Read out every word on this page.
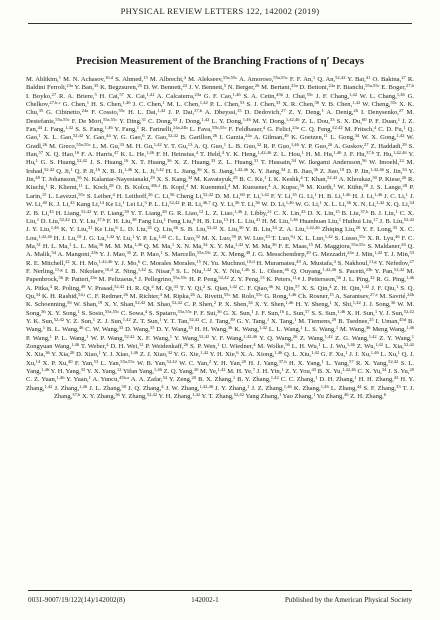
PHYSICAL REVIEW LETTERS 122, 142002 (2019)
Precision Measurement of the Branching Fractions of η′ Decays
M. Ablikim,$^1$ M. N. Achasov,$^{10,d}$ S. Ahmed,$^{15}$ M. Albrecht,$^4$ M. Alekseev,$^{55a,55c}$ A. Amoroso,$^{55a,55c}$ F. F. An,$^1$ Q. An,$^{52,42}$ Y. Bai,$^{41}$ O. Bakina,$^{27}$ R. Baldini Ferroli,$^{23a}$ Y. Ban,$^{35}$ K. Begzsuren,$^{25}$ D. W. Bennett,$^{22}$ J. V. Bennett,$^5$ N. Berger,$^{26}$ M. Bertani,$^{23a}$ D. Bettoni,$^{24a}$ F. Bianchi,$^{55a,55c}$ E. Boger,$^{27,b}$ I. Boyko,$^{27}$ R. A. Briere,$^5$ H. Cai,$^{57}$ X. Cai,$^{1,42}$ A. Calcaterra,$^{23a}$ G. F. Cao,$^{1,46}$ S. A. Cetin,$^{45b}$ J. Chai,$^{55c}$ J. F. Chang,$^{1,42}$ W. L. Chang,$^{1,46}$ G. Chelkov,$^{27,b,c}$ G. Chen,$^1$ H. S. Chen,$^{1,46}$ J. C. Chen,$^1$ M. L. Chen,$^{1,42}$ P. L. Chen,$^{53}$ S. J. Chen,$^{33}$ X. R. Chen,$^{30}$ Y. B. Chen,$^{1,42}$ W. Cheng,$^{55c}$ X. K. Chu,$^{35}$ G. Cibinetto,$^{24a}$ F. Cossio,$^{55c}$ H. L. Dai,$^{1,42}$ J. P. Dai,$^{37,h}$ A. Dbeyssi,$^{15}$ D. Dedovich,$^{27}$ Z. Y. Deng,$^1$ A. Denig,$^{26}$ I. Denysenko,$^{27}$ M. Destefanis,$^{55a,55c}$ F. De Mori,$^{55a,55c}$ Y. Ding,$^{31}$ C. Dong,$^{34}$ J. Dong,$^{1,42}$ L. Y. Dong,$^{1,46}$ M. Y. Dong,$^{1,42,46}$ Z. L. Dou,$^{33}$ S. X. Du,$^{60}$ P. F. Duan,$^1$ J. Z. Fan,$^{44}$ J. Fang,$^{1,42}$ S. S. Fang,$^{1,46}$ Y. Fang,$^1$ R. Farinelli,$^{24a,24b}$ L. Fava,$^{55b,55c}$ F. Feldbauer,$^4$ G. Felici,$^{23a}$ C. Q. Feng,$^{52,42}$ M. Fritsch,$^4$ C. D. Fu,$^1$ Q. Gao,$^1$ X. L. Gao,$^{52,42}$ Y. Gao,$^{44}$ Y. G. Gao,$^6$ Z. Gao,$^{52,42}$ B. Garillon,$^{26}$ I. Garzia,$^{24a}$ A. Gilman,$^{49}$ K. Goetzen,$^{11}$ L. Gong,$^{34}$ W. X. Gong,$^{1,42}$ W. Gradl,$^{26}$ M. Greco,$^{55a,55c}$ L. M. Gu,$^{33}$ M. H. Gu,$^{1,42}$ Y. T. Gu,$^{13}$ A. Q. Guo,$^1$ L. B. Guo,$^{32}$ R. P. Guo,$^{1,46}$ Y. P. Guo,$^{26}$ A. Guskov,$^{27}$ Z. Haddadi,$^{29}$ S. Han,$^{57}$ X. Q. Hao,$^{16}$ F. A. Harris,$^{47}$ K. L. He,$^{1,46}$ F. H. Heinsius,$^4$ T. Held,$^4$ Y. K. Heng,$^{1,42,46}$ Z. L. Hou,$^1$ H. M. Hu,$^{1,46}$ J. F. Hu,$^{37,h}$ T. Hu,$^{1,42,46}$ Y. Hu,$^1$ G. S. Huang,$^{52,42}$ J. S. Huang,$^{16}$ X. T. Huang,$^{36}$ X. Z. Huang,$^{33}$ Z. L. Huang,$^{31}$ T. Hussain,$^{54}$ W. Ikegami Andersson,$^{56}$ W. Imoehl,$^{22}$ M. Irshad,$^{52,42}$ Q. Ji,$^1$ Q. P. Ji,$^{16}$ X. B. Ji,$^{1,46}$ X. L. Ji,$^{1,42}$ H. L. Jiang,$^{36}$ X. S. Jiang,$^{1,42,46}$ X. Y. Jiang,$^{34}$ J. B. Jiao,$^{36}$ Z. Jiao,$^{18}$ D. P. Jin,$^{1,42,46}$ S. Jin,$^{33}$ Y. Jin,$^{48}$ T. Johansson,$^{56}$ N. Kalantar-Nayestanaki,$^{29}$ X. S. Kang,$^{34}$ M. Kavatsyuk,$^{29}$ B. C. Ke,$^1$ I. K. Keshk,$^4$ T. Khan,$^{52,42}$ A. Khoukaz,$^{50}$ P. Kiese,$^{26}$ R. Kiuchi,$^1$ R. Kliemt,$^{11}$ L. Koch,$^{28}$ O. B. Kolcu,$^{45b,f}$ B. Kopf,$^4$ M. Kuemmel,$^4$ M. Kuessner,$^4$ A. Kupsc,$^{56}$ M. Kurth,$^1$ W. Kühn,$^{28}$ J. S. Lange,$^{28}$ P. Larin,$^{15}$ L. Lavezzi,$^{55c}$ S. Leiber,$^4$ H. Leithoff,$^{26}$ C. Li,$^{56}$ Cheng Li,$^{52,42}$ D. M. Li,$^{60}$ F. Li,$^{1,42}$ F. Y. Li,$^{35}$ G. Li,$^1$ H. B. Li,$^{1,46}$ H. J. Li,$^{1,46}$ J. C. Li,$^1$ J. W. Li,$^{40}$ K. J. Li,$^{43}$ Kang Li,$^{14}$ Ke Li,$^1$ Lei Li,$^3$ P. L. Li,$^{52,42}$ P. R. Li,$^{46,7}$ Q. Y. Li,$^{36}$ T. Li,$^{36}$ W. D. Li,$^{1,46}$ W. G. Li,$^1$ X. L. Li,$^{36}$ X. N. Li,$^{1,42}$ X. Q. Li,$^{34}$ Z. B. Li,$^{43}$ H. Liang,$^{52,42}$ Y. F. Liang,$^{39}$ Y. T. Liang,$^{28}$ G. R. Liao,$^{12}$ L. Z. Liao,$^{1,46}$ J. Libby,$^{21}$ C. X. Lin,$^{43}$ D. X. Lin,$^{15}$ B. Liu,$^{37,h}$ B. J. Liu,$^1$ C. X. Liu,$^1$ D. Liu,$^{52,42}$ D. Y. Liu,$^{37,h}$ F. H. Liu,$^{38}$ Fang Liu,$^1$ Feng Liu,$^6$ H. B. Liu,$^{13}$ H. L. Liu,$^{41}$ H. M. Liu,$^{1,46}$ Huanhuan Liu,$^1$ Huihui Liu,$^{17}$ J. B. Liu,$^{52,42}$ J. Y. Liu,$^{1,46}$ K. Y. Liu,$^{31}$ Ke Liu,$^6$ L. D. Liu,$^{35}$ Q. Liu,$^{46}$ S. B. Liu,$^{52,42}$ X. Liu,$^{30}$ Y. B. Liu,$^{34}$ Z. A. Liu,$^{1,42,46}$ Zhiqing Liu,$^{26}$ Y. F. Long,$^{35}$ X. C. Lou,$^{1,42,46}$ H. J. Lu,$^{18}$ J. G. Lu,$^{1,42}$ Y. Lu,$^1$ Y. P. Lu,$^{1,42}$ C. L. Luo,$^{32}$ M. X. Luo,$^{59}$ P. W. Luo,$^{43}$ T. Luo,$^{9,j}$ X. L. Luo,$^{1,42}$ S. Lusso,$^{55c}$ X. R. Lyu,$^{46}$ F. C. Ma,$^{31}$ H. L. Ma,$^1$ L. L. Ma,$^{36}$ M. M. Ma,$^{1,46}$ Q. M. Ma,$^1$ X. N. Ma,$^{34}$ X. Y. Ma,$^{1,42}$ Y. M. Ma,$^{36}$ F. E. Maas,$^{15}$ M. Maggiora,$^{55a,55c}$ S. Maldaner,$^{26}$ Q. A. Malik,$^{54}$ A. Mangoni,$^{23b}$ Y. J. Mao,$^{35}$ Z. P. Mao,$^1$ S. Marcello,$^{55a,55c}$ Z. X. Meng,$^{48}$ J. G. Messchendorp,$^{29}$ G. Mezzadri,$^{24a}$ J. Min,$^{1,42}$ T. J. Min,$^{33}$ R. E. Mitchell,$^{22}$ X. H. Mo,$^{1,42,46}$ Y. J. Mo,$^6$ C. Morales Morales,$^{15}$ N. Yu. Muchnoi,$^{10,d}$ H. Muramatsu,$^{49}$ A. Mustafa,$^4$ S. Nakhoul,$^{11,g}$ Y. Nefedov,$^{27}$ F. Nerling,$^{11,g}$ I. B. Nikolaev,$^{10,d}$ Z. Ning,$^{1,42}$ S. Nisar,$^8$ S. L. Niu,$^{1,42}$ X. Y. Niu,$^{1,46}$ S. L. Olsen,$^{46}$ Q. Ouyang,$^{1,42,46}$ S. Pacetti,$^{23b}$ Y. Pan,$^{52,42}$ M. Papenbrock,$^{56}$ P. Patteri,$^{23a}$ M. Pelizaeus,$^4$ J. Pellegrino,$^{55a,55c}$ H. P. Peng,$^{52,42}$ Z. Y. Peng,$^{13}$ K. Peters,$^{11,g}$ J. Pettersson,$^{56}$ J. L. Ping,$^{32}$ R. G. Ping,$^{1,46}$ A. Pitka,$^4$ R. Poling,$^{49}$ V. Prasad,$^{52,42}$ H. R. Qi,$^2$ M. Qi,$^{33}$ T. Y. Qi,$^2$ S. Qian,$^{1,42}$ C. F. Qiao,$^{46}$ N. Qin,$^{57}$ X. S. Qin,$^4$ Z. H. Qin,$^{1,42}$ J. F. Qiu,$^1$ S. Q. Qu,$^{34}$ K. H. Rashid,$^{54,i}$ C. F. Redmer,$^{26}$ M. Richter,$^4$ M. Ripka,$^{26}$ A. Rivetti,$^{55c}$ M. Rolo,$^{55c}$ G. Rong,$^{1,46}$ Ch. Rosner,$^{15}$ A. Sarantsev,$^{27,e}$ M. Savrié,$^{24b}$ K. Schoenning,$^{56}$ W. Shan,$^{19}$ X. Y. Shan,$^{52,42}$ M. Shao,$^{52,42}$ C. P. Shen,$^2$ P. X. Shen,$^{34}$ X. Y. Shen,$^{1,46}$ H. Y. Sheng,$^1$ X. Shi,$^{1,42}$ J. J. Song,$^{36}$ W. M. Song,$^{36}$ X. Y. Song,$^1$ S. Sosio,$^{55a,55c}$ C. Sowa,$^4$ S. Spataro,$^{55a,55c}$ F. F. Sui,$^{36}$ G. X. Sun,$^1$ J. F. Sun,$^{16}$ L. Sun,$^{57}$ S. S. Sun,$^{1,46}$ X. H. Sun,$^1$ Y. J. Sun,$^{52,42}$ Y. K. Sun,$^{52,42}$ Y. Z. Sun,$^1$ Z. J. Sun,$^{1,42}$ Z. T. Sun,$^1$ Y. T. Tan,$^{52,42}$ C. J. Tang,$^{39}$ G. Y. Tang,$^1$ X. Tang,$^1$ M. Tiemens,$^{29}$ B. Tsednee,$^{25}$ I. Uman,$^{45d}$ B. Wang,$^1$ B. L. Wang,$^{46}$ C. W. Wang,$^{33}$ D. Wang,$^{35}$ D. Y. Wang,$^{35}$ H. H. Wang,$^{36}$ K. Wang,$^{1,42}$ L. L. Wang,$^1$ L. S. Wang,$^1$ M. Wang,$^{36}$ Meng Wang,$^{1,46}$ P. Wang,$^1$ P. L. Wang,$^1$ W. P. Wang,$^{52,42}$ X. F. Wang,$^1$ Y. Wang,$^{52,42}$ Y. F. Wang,$^{1,42,46}$ Y. Q. Wang,$^{26}$ Z. Wang,$^{1,42}$ Z. G. Wang,$^{1,42}$ Z. Y. Wang,$^1$ Zongyuan Wang,$^{1,46}$ T. Weber,$^4$ D. H. Wei,$^{12}$ P. Weidenkaff,$^{26}$ S. P. Wen,$^1$ U. Wiedner,$^4$ M. Wolke,$^{56}$ L. H. Wu,$^1$ L. J. Wu,$^{1,46}$ Z. Wu,$^{1,42}$ L. Xia,$^{52,42}$ X. Xia,$^{36}$ Y. Xia,$^{20}$ D. Xiao,$^1$ Y. J. Xiao,$^{1,46}$ Z. J. Xiao,$^{32}$ Y. G. Xie,$^{1,42}$ Y. H. Xie,$^6$ X. A. Xiong,$^{1,46}$ Q. L. Xiu,$^{1,42}$ G. F. Xu,$^1$ J. J. Xu,$^{1,46}$ L. Xu,$^1$ Q. J. Xu,$^{14}$ X. P. Xu,$^{40}$ F. Yan,$^{53}$ L. Yan,$^{55a,55c}$ W. B. Yan,$^{52,42}$ W. C. Yan,$^2$ Y. H. Yan,$^{20}$ H. J. Yang,$^{37,h}$ H. X. Yang,$^1$ L. Yang,$^{57}$ R. X. Yang,$^{52,42}$ S. L. Yang,$^{1,46}$ Y. H. Yang,$^{33}$ Y. X. Yang,$^{12}$ Yifan Yang,$^{1,46}$ Z. Q. Yang,$^{20}$ M. Ye,$^{1,42}$ M. H. Ye,$^7$ J. H. Yin,$^1$ Z. Y. You,$^{43}$ B. X. Yu,$^{1,42,46}$ C. X. Yu,$^{34}$ J. S. Yu,$^{20}$ C. Z. Yuan,$^{1,46}$ Y. Yuan,$^1$ A. Yuncu,$^{45b,a}$ A. A. Zafar,$^{54}$ Y. Zeng,$^{20}$ B. X. Zhang,$^1$ B. Y. Zhang,$^{1,42}$ C. C. Zhang,$^1$ D. H. Zhang,$^1$ H. H. Zhang,$^{43}$ H. Y. Zhang,$^{1,42}$ J. Zhang,$^{1,46}$ J. L. Zhang,$^{58}$ J. Q. Zhang,$^4$ J. W. Zhang,$^{1,42,46}$ J. Y. Zhang,$^1$ J. Z. Zhang,$^{1,46}$ K. Zhang,$^{1,46}$ L. Zhang,$^{44}$ S. F. Zhang,$^{33}$ T. J. Zhang,$^{37,h}$ X. Y. Zhang,$^{36}$ Y. Zhang,$^{52,42}$ Y. H. Zhang,$^{1,42}$ Y. T. Zhang,$^{52,42}$ Yang Zhang,$^1$ Yao Zhang,$^1$ Yu Zhang,$^{46}$ Z. H. Zhang,$^6$
0031-9007/19/122(14)/142002(8)	142002-1	Published by the American Physical Society
